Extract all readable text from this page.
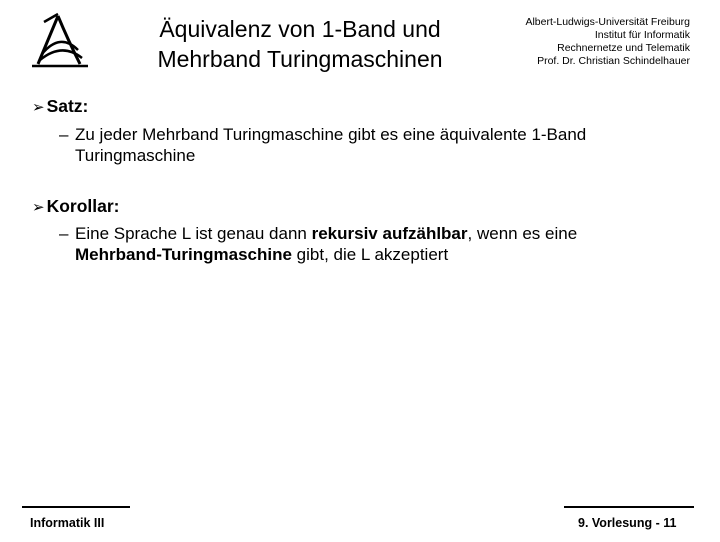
Äquivalenz von 1-Band und
Mehrband Turingmaschinen
Albert-Ludwigs-Universität Freiburg
Institut für Informatik
Rechnernetze und Telematik
Prof. Dr. Christian Schindelhauer
➢ Satz:
– Zu jeder Mehrband Turingmaschine gibt es eine äquivalente 1-Band
Turingmaschine
➢ Korollar:
– Eine Sprache L ist genau dann rekursiv aufzählbar, wenn es eine
Mehrband-Turingmaschine gibt, die L akzeptiert
Informatik III	9. Vorlesung - 11
